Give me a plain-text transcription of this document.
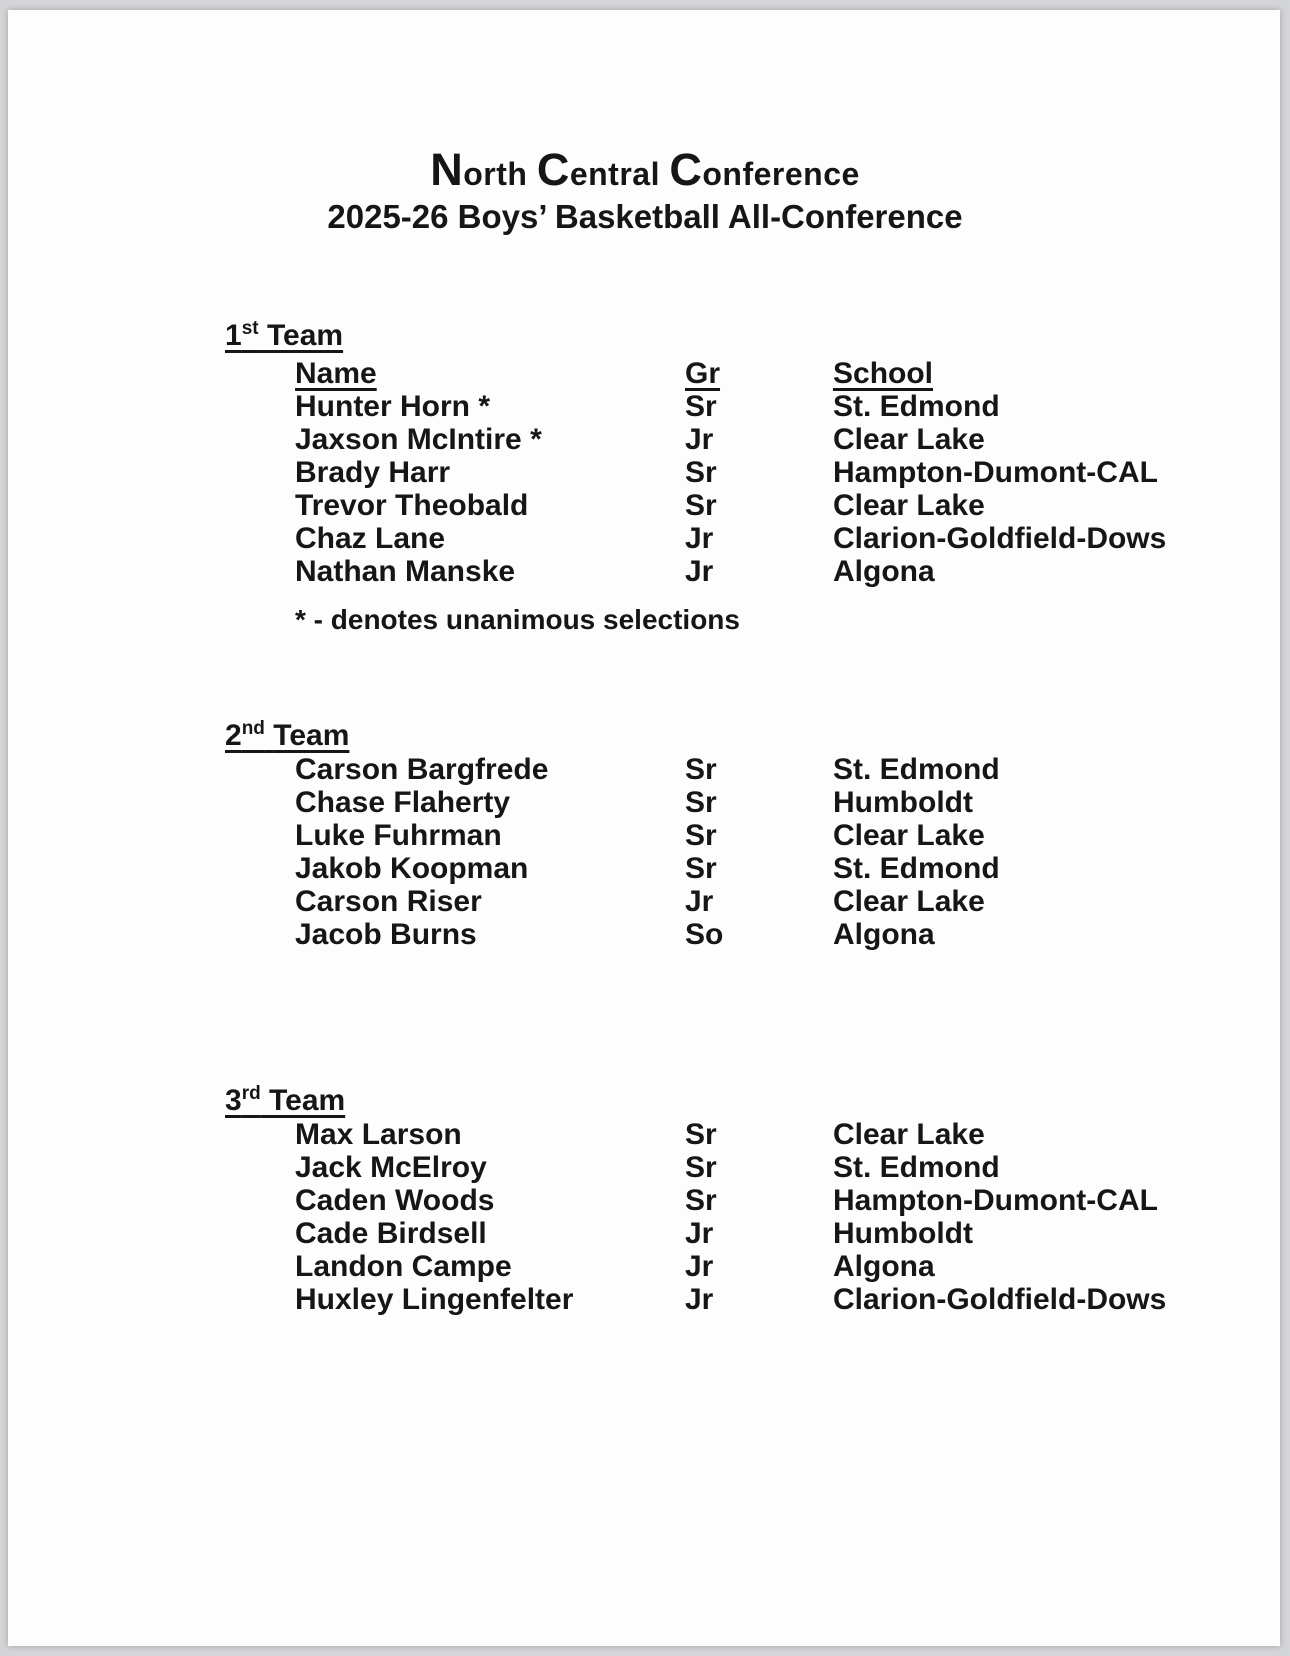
North Central Conference
2025-26 Boys’ Basketball All-Conference
1st Team
Name	Gr	School
Hunter Horn *	Sr	St. Edmond
Jaxson McIntire *	Jr	Clear Lake
Brady Harr	Sr	Hampton-Dumont-CAL
Trevor Theobald	Sr	Clear Lake
Chaz Lane	Jr	Clarion-Goldfield-Dows
Nathan Manske	Jr	Algona
* - denotes unanimous selections
2nd Team
Carson Bargfrede	Sr	St. Edmond
Chase Flaherty	Sr	Humboldt
Luke Fuhrman	Sr	Clear Lake
Jakob Koopman	Sr	St. Edmond
Carson Riser	Jr	Clear Lake
Jacob Burns	So	Algona
3rd Team
Max Larson	Sr	Clear Lake
Jack McElroy	Sr	St. Edmond
Caden Woods	Sr	Hampton-Dumont-CAL
Cade Birdsell	Jr	Humboldt
Landon Campe	Jr	Algona
Huxley Lingenfelter	Jr	Clarion-Goldfield-Dows
